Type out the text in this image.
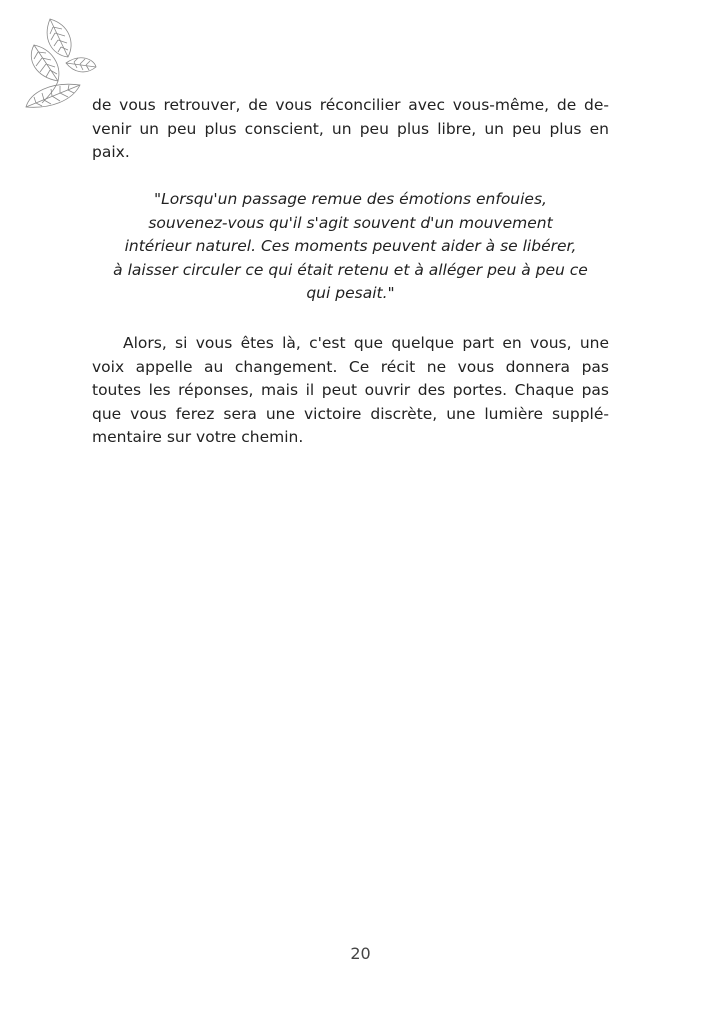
de vous retrouver, de vous réconcilier avec vous-même, de de-
venir un peu plus conscient, un peu plus libre, un peu plus en
paix.
"Lorsqu'un passage remue des émotions enfouies,
souvenez-vous qu'il s'agit souvent d'un mouvement
intérieur naturel. Ces moments peuvent aider à se libérer,
à laisser circuler ce qui était retenu et à alléger peu à peu ce
qui pesait."
Alors, si vous êtes là, c'est que quelque part en vous, une
voix appelle au changement. Ce récit ne vous donnera pas
toutes les réponses, mais il peut ouvrir des portes. Chaque pas
que vous ferez sera une victoire discrète, une lumière supplé-
mentaire sur votre chemin.
20
